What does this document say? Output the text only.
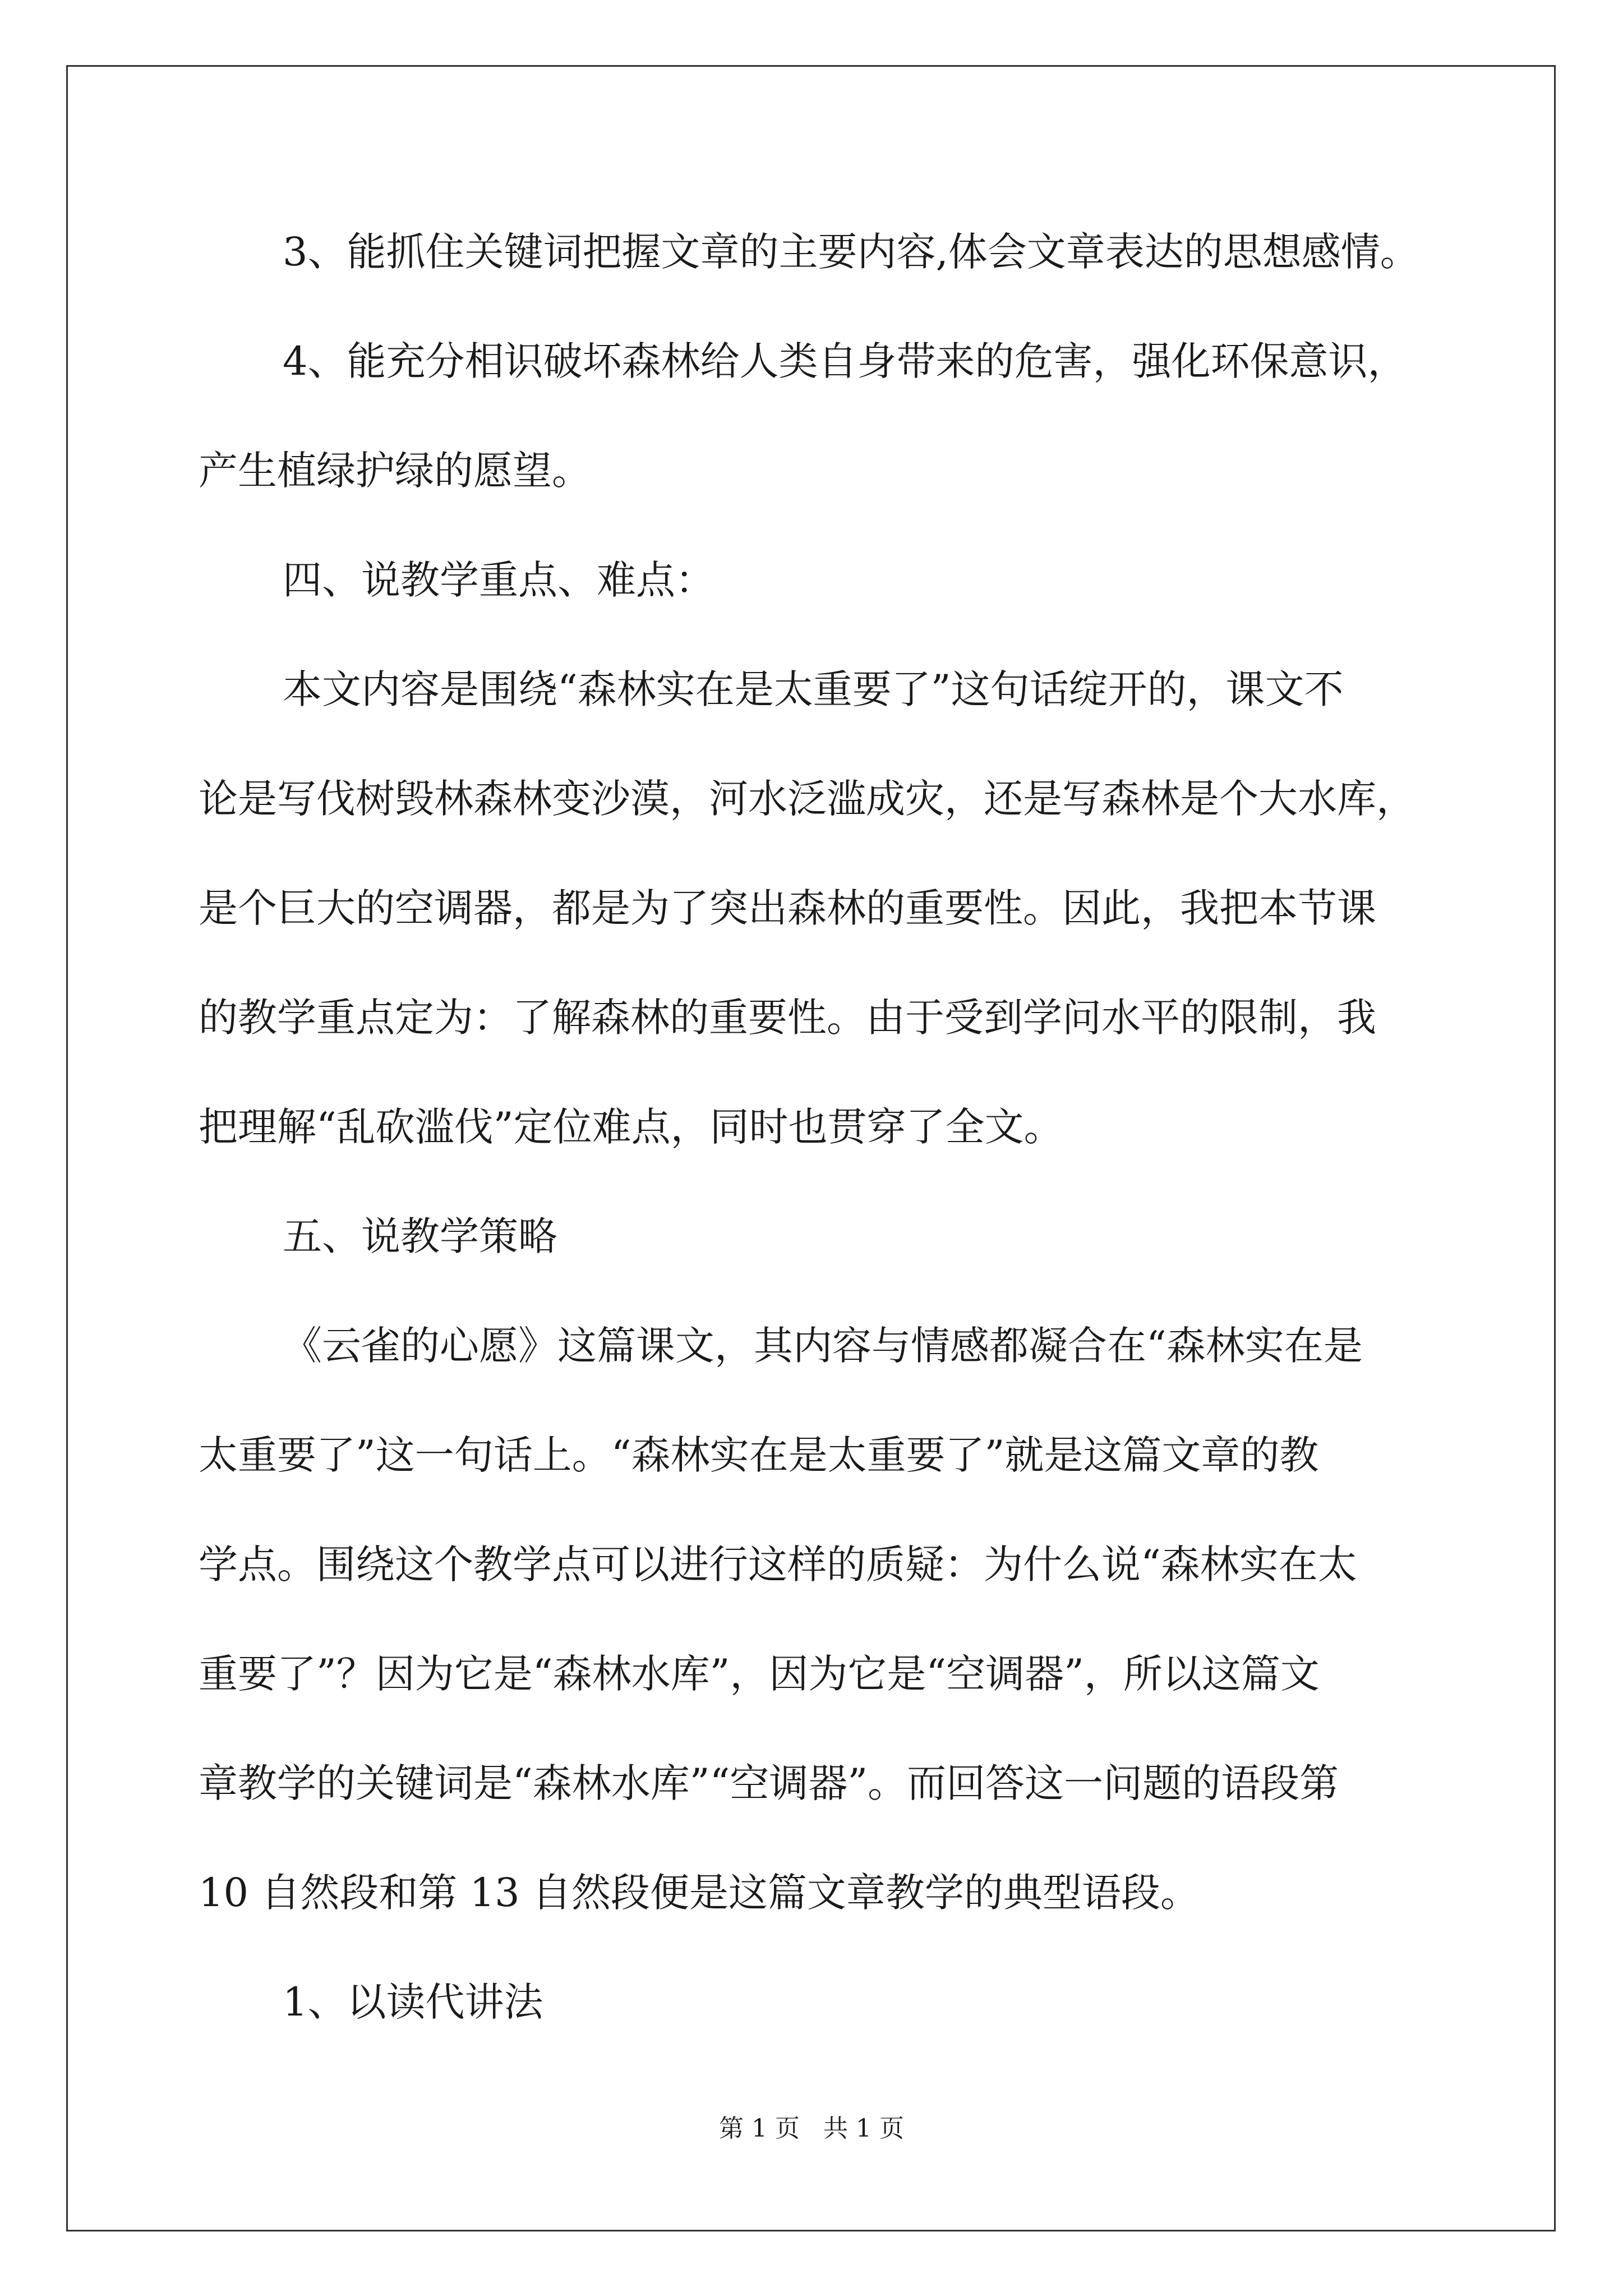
3、能抓住关键词把握文章的主要内容,体会文章表达的思想感情。
4、能充分相识破坏森林给人类自身带来的危害，强化环保意识，
产生植绿护绿的愿望。
四、说教学重点、难点：
本文内容是围绕“森林实在是太重要了”这句话绽开的，课文不
论是写伐树毁林森林变沙漠，河水泛滥成灾，还是写森林是个大水库，
是个巨大的空调器，都是为了突出森林的重要性。因此，我把本节课
的教学重点定为：了解森林的重要性。由于受到学问水平的限制，我
把理解“乱砍滥伐”定位难点，同时也贯穿了全文。
五、说教学策略
《云雀的心愿》这篇课文，其内容与情感都凝合在“森林实在是
太重要了”这一句话上。“森林实在是太重要了”就是这篇文章的教
学点。围绕这个教学点可以进行这样的质疑：为什么说“森林实在太
重要了”？因为它是“森林水库”，因为它是“空调器”，所以这篇文
章教学的关键词是“森林水库”“空调器”。而回答这一问题的语段第
10 自然段和第 13 自然段便是这篇文章教学的典型语段。
1、以读代讲法
第 1 页   共 1 页
